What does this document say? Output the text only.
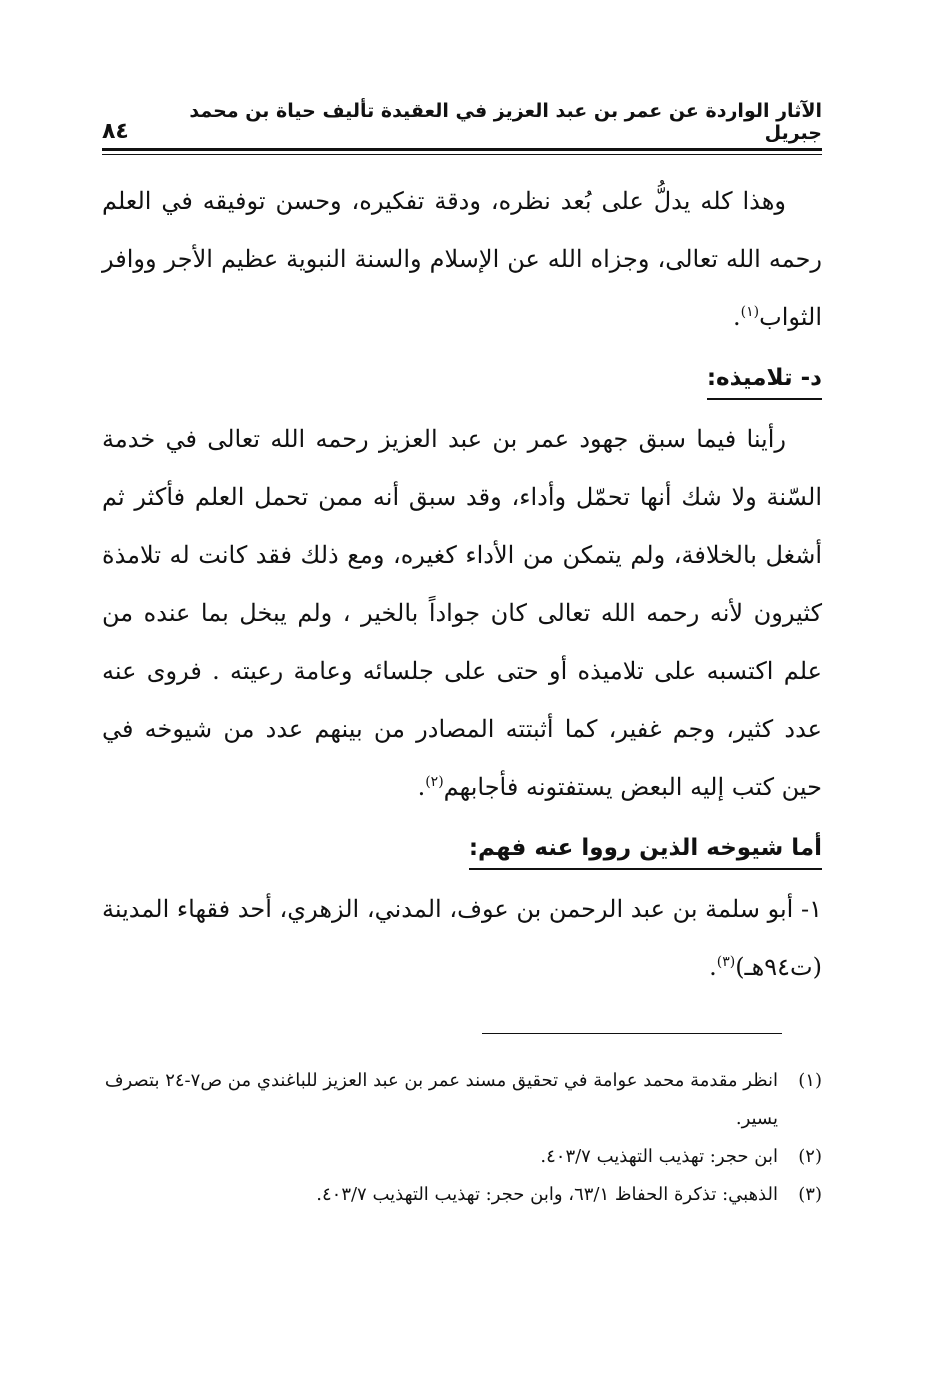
الآثار الواردة عن عمر بن عبد العزيز في العقيدة تأليف حياة بن محمد جبريل
٨٤

وهذا كله يدلُّ على بُعد نظره، ودقة تفكيره، وحسن توفيقه في العلم رحمه الله تعالى، وجزاه الله عن الإسلام والسنة النبوية عظيم الأجر ووافر الثواب$^{(١)}$.

د- تلاميذه:

رأينا فيما سبق جهود عمر بن عبد العزيز رحمه الله تعالى في خدمة السّنة ولا شك أنها تحمّل وأداء، وقد سبق أنه ممن تحمل العلم فأكثر ثم أشغل بالخلافة، ولم يتمكن من الأداء كغيره، ومع ذلك فقد كانت له تلامذة كثيرون لأنه رحمه الله تعالى كان جواداً بالخير ، ولم يبخل بما عنده من علم اكتسبه على تلاميذه أو حتى على جلسائه وعامة رعيته . فروى عنه عدد كثير، وجم غفير، كما أثبتته المصادر من بينهم عدد من شيوخه في حين كتب إليه البعض يستفتونه فأجابهم$^{(٢)}$.

أما شيوخه الذين رووا عنه فهم:

١- أبو سلمة بن عبد الرحمن بن عوف، المدني، الزهري، أحد فقهاء المدينة (ت٩٤هـ)$^{(٣)}$.

(١)
انظر مقدمة محمد عوامة في تحقيق مسند عمر بن عبد العزيز للباغندي من ص٧-٢٤ بتصرف يسير.
(٢)
ابن حجر: تهذيب التهذيب ٤٠٣/٧.
(٣)
الذهبي: تذكرة الحفاظ ٦٣/١، وابن حجر: تهذيب التهذيب ٤٠٣/٧.
